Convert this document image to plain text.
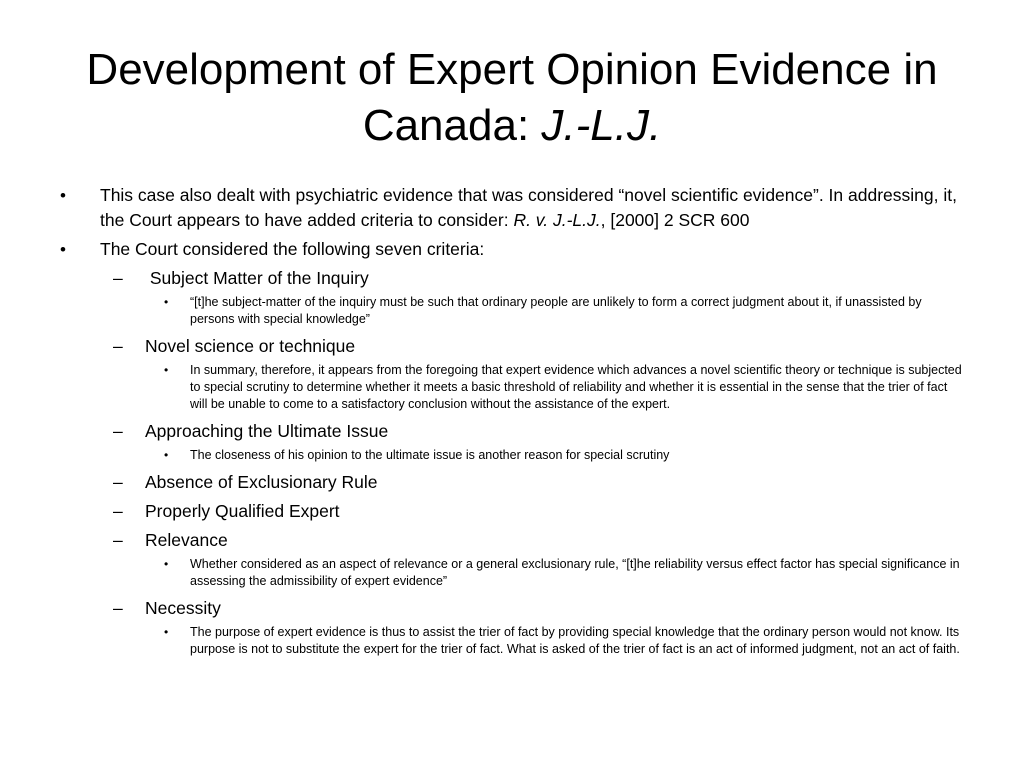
Development of Expert Opinion Evidence in
Canada: J.-L.J.
• This case also dealt with psychiatric evidence that was considered “novel scientific evidence”. In addressing, it, the Court appears to have added criteria to consider: R. v. J.-L.J., [2000] 2 SCR 600
• The Court considered the following seven criteria:
– Subject Matter of the Inquiry
• “[t]he subject-matter of the inquiry must be such that ordinary people are unlikely to form a correct judgment about it, if unassisted by persons with special knowledge”
– Novel science or technique
• In summary, therefore, it appears from the foregoing that expert evidence which advances a novel scientific theory or technique is subjected to special scrutiny to determine whether it meets a basic threshold of reliability and whether it is essential in the sense that the trier of fact will be unable to come to a satisfactory conclusion without the assistance of the expert.
– Approaching the Ultimate Issue
• The closeness of his opinion to the ultimate issue is another reason for special scrutiny
– Absence of Exclusionary Rule
– Properly Qualified Expert
– Relevance
• Whether considered as an aspect of relevance or a general exclusionary rule, “[t]he reliability versus effect factor has special significance in assessing the admissibility of expert evidence”
– Necessity
• The purpose of expert evidence is thus to assist the trier of fact by providing special knowledge that the ordinary person would not know. Its purpose is not to substitute the expert for the trier of fact. What is asked of the trier of fact is an act of informed judgment, not an act of faith.
